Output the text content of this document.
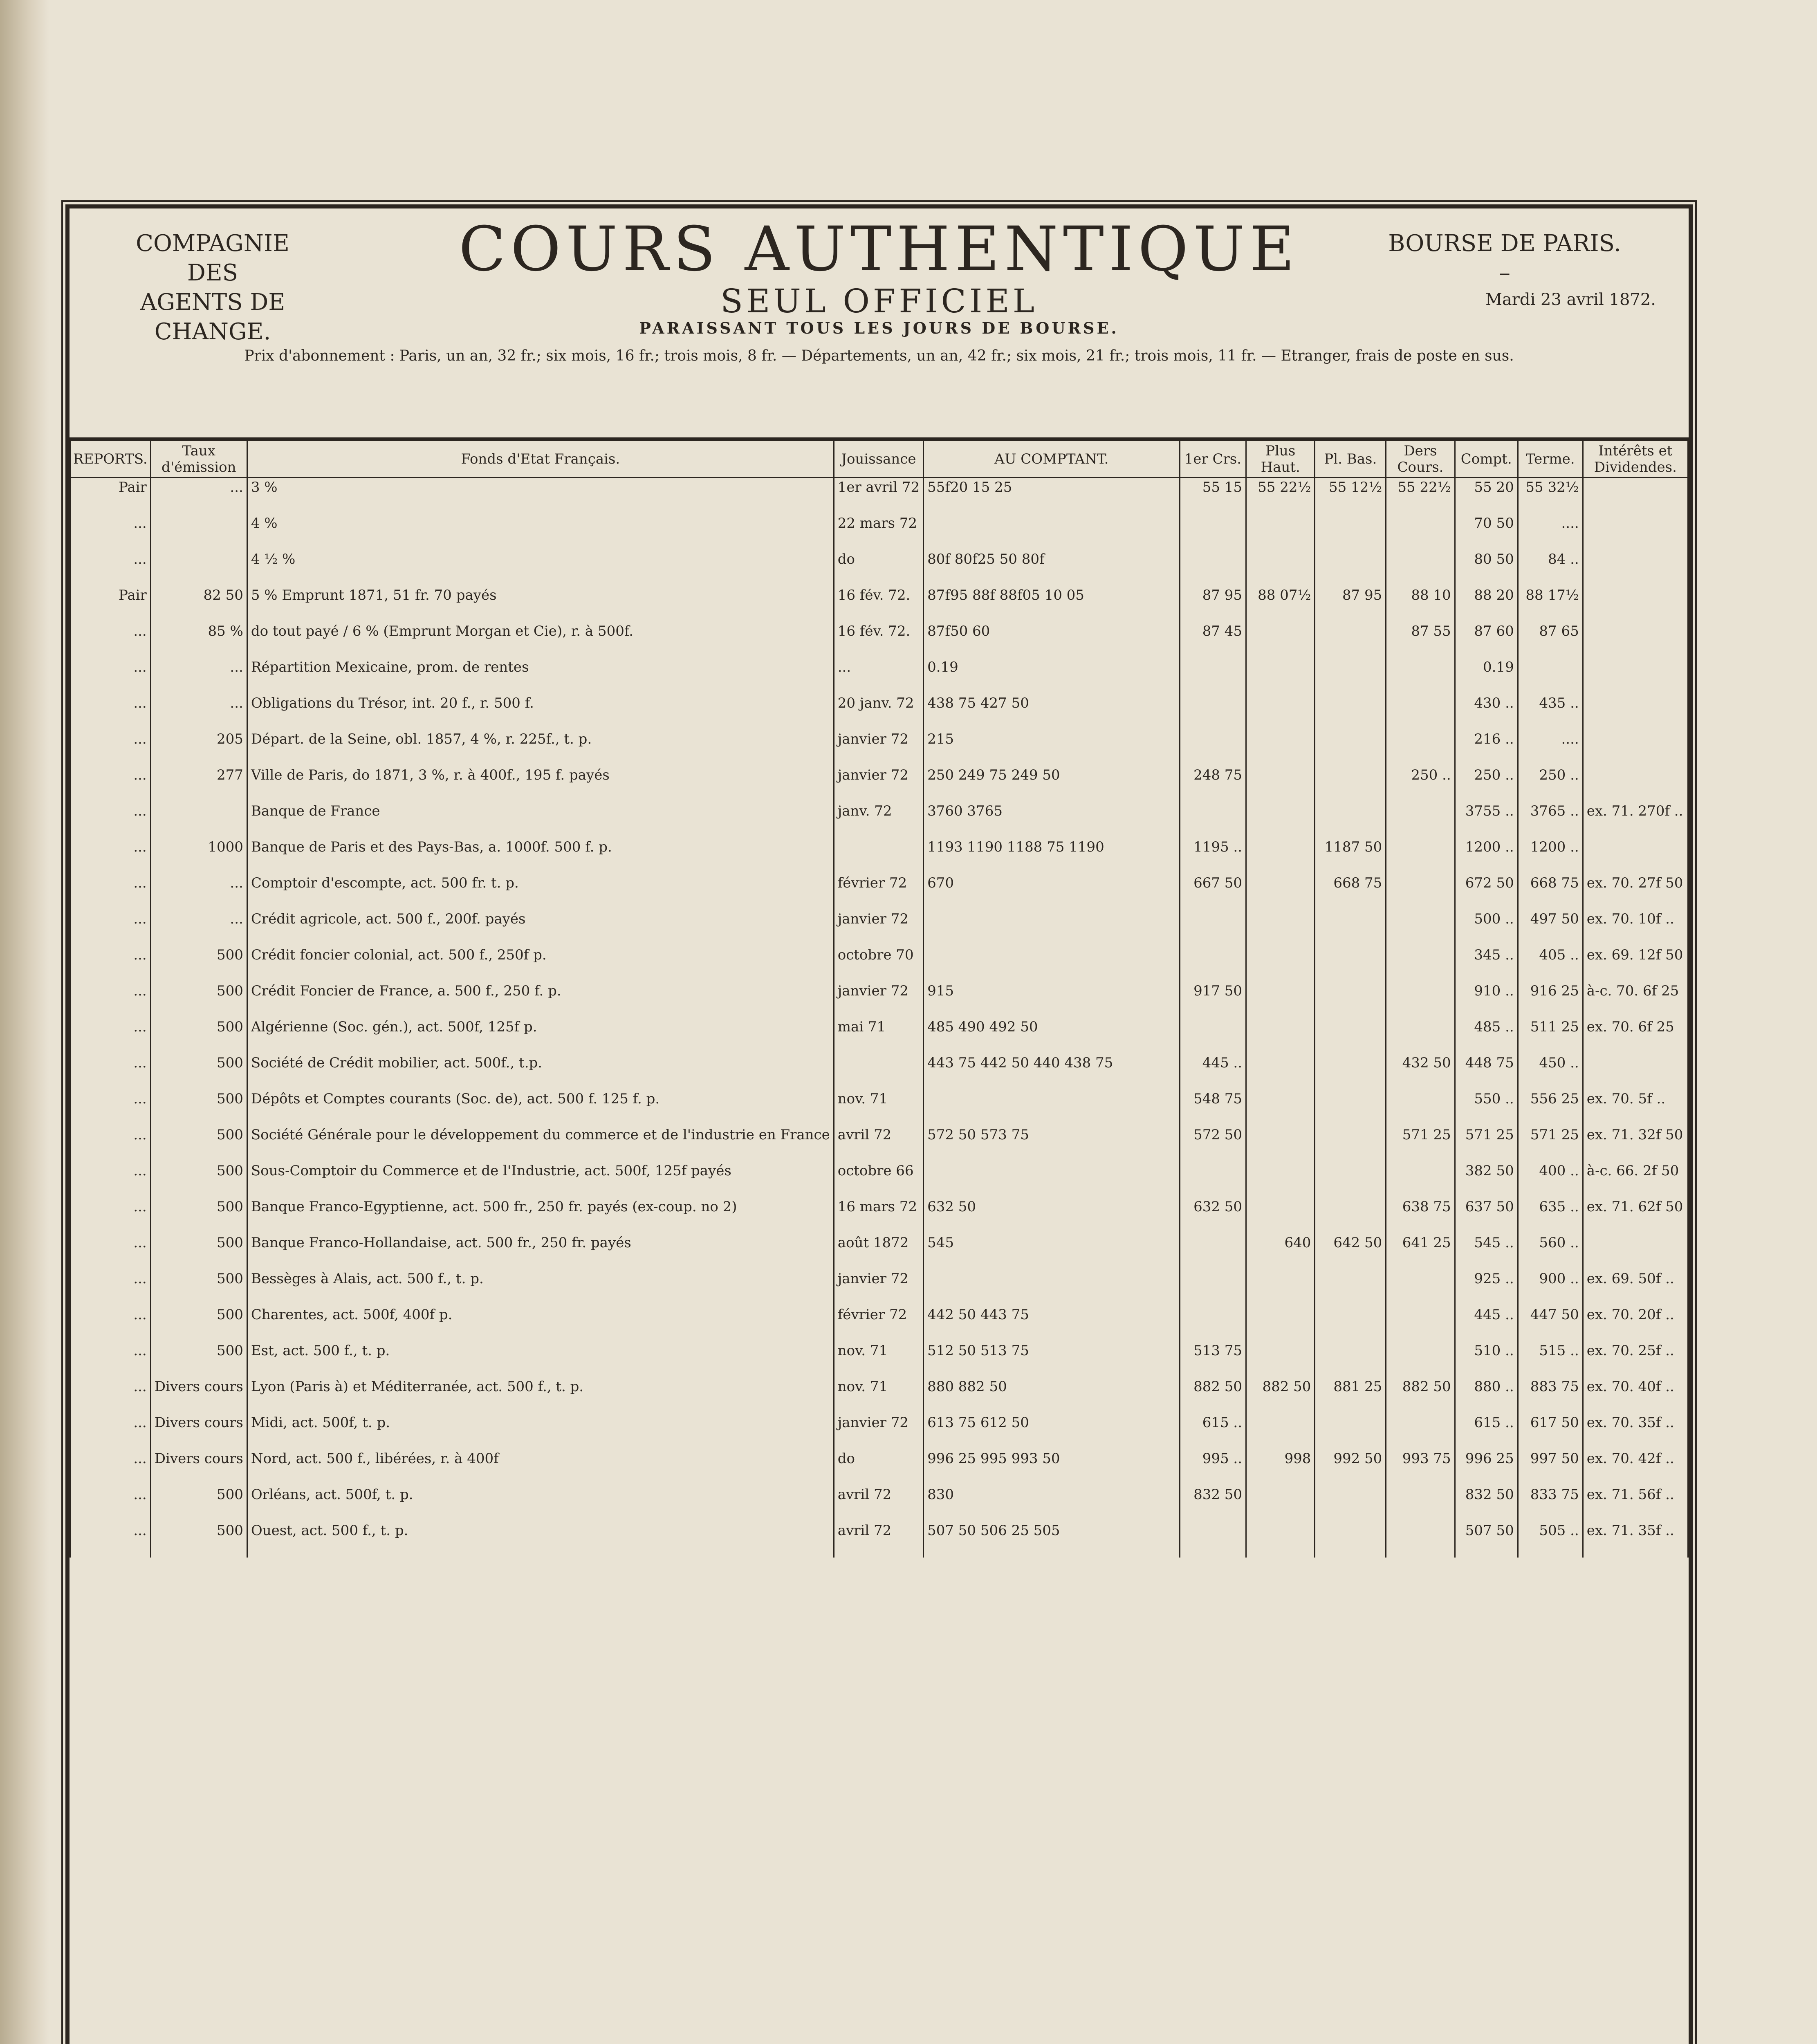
COMPAGNIE
DES
AGENTS DE CHANGE.
COURS AUTHENTIQUE
SEUL OFFICIEL
BOURSE DE PARIS.
–
Mardi 23 avril 1872.
PARAISSANT TOUS LES JOURS DE BOURSE.
Prix d'abonnement : Paris, un an, 32 fr.; six mois, 16 fr.; trois mois, 8 fr. — Départements, un an, 42 fr.; six mois, 21 fr.; trois mois, 11 fr. — Etranger, frais de poste en sus.
REPORTS.	Taux d'émission	Fonds d'Etat Français.	Jouissance	AU COMPTANT.	1er Crs.	Plus Haut.	Pl. Bas.	Ders Cours.	Compt.	Terme.	Intérêts et Dividendes.
Pair	...	3 %	1er avril 72	55f20 15 25	55 15	55 22½	55 12½	55 22½	55 20	55 32½	
...		4 %	22 mars 72						70 50	....	
...		4 ½ %	do	80f 80f25 50 80f					80 50	84 ..	
Pair	82 50	5 % Emprunt 1871, 51 fr. 70 payés	16 fév. 72.	87f95 88f 88f05 10 05	87 95	88 07½	87 95	88 10	88 20	88 17½	
...	85 %	do tout payé / 6 % (Emprunt Morgan et Cie), r. à 500f.	16 fév. 72.	87f50 60	87 45			87 55	87 60	87 65	
...	...	Répartition Mexicaine, prom. de rentes	...	0.19					0.19		
...	...	Obligations du Trésor, int. 20 f., r. 500 f.	20 janv. 72	438 75 427 50					430 ..	435 ..	
...	205	Départ. de la Seine, obl. 1857, 4 %, r. 225f., t. p.	janvier 72	215					216 ..	....	
...	277	Ville de Paris, do 1871, 3 %, r. à 400f., 195 f. payés	janvier 72	250 249 75 249 50	248 75			250 ..	250 ..	250 ..	
...		Banque de France	janv. 72	3760 3765					3755 ..	3765 ..	ex. 71. 270f ..
...	1000	Banque de Paris et des Pays-Bas, a. 1000f. 500 f. p.		1193 1190 1188 75 1190	1195 ..		1187 50		1200 ..	1200 ..	
...	...	Comptoir d'escompte, act. 500 fr. t. p.	février 72	670	667 50		668 75		672 50	668 75	ex. 70. 27f 50
...	...	Crédit agricole, act. 500 f., 200f. payés	janvier 72						500 ..	497 50	ex. 70. 10f ..
...	500	Crédit foncier colonial, act. 500 f., 250f p.	octobre 70						345 ..	405 ..	ex. 69. 12f 50
...	500	Crédit Foncier de France, a. 500 f., 250 f. p.	janvier 72	915	917 50				910 ..	916 25	à-c. 70. 6f 25
...	500	Algérienne (Soc. gén.), act. 500f, 125f p.	mai 71	485 490 492 50					485 ..	511 25	ex. 70. 6f 25
...	500	Société de Crédit mobilier, act. 500f., t.p.		443 75 442 50 440 438 75	445 ..			432 50	448 75	450 ..	
...	500	Dépôts et Comptes courants (Soc. de), act. 500 f. 125 f. p.	nov. 71		548 75				550 ..	556 25	ex. 70. 5f ..
...	500	Société Générale pour le développement du commerce et de l'industrie en France	avril 72	572 50 573 75	572 50			571 25	571 25	571 25	ex. 71. 32f 50
...	500	Sous-Comptoir du Commerce et de l'Industrie, act. 500f, 125f payés	octobre 66						382 50	400 ..	à-c. 66. 2f 50
...	500	Banque Franco-Egyptienne, act. 500 fr., 250 fr. payés (ex-coup. no 2)	16 mars 72	632 50	632 50			638 75	637 50	635 ..	ex. 71. 62f 50
...	500	Banque Franco-Hollandaise, act. 500 fr., 250 fr. payés	août 1872	545		640	642 50	641 25	545 ..	560 ..	
...	500	Bessèges à Alais, act. 500 f., t. p.	janvier 72						925 ..	900 ..	ex. 69. 50f ..
...	500	Charentes, act. 500f, 400f p.	février 72	442 50 443 75					445 ..	447 50	ex. 70. 20f ..
...	500	Est, act. 500 f., t. p.	nov. 71	512 50 513 75	513 75				510 ..	515 ..	ex. 70. 25f ..
...	Divers cours	Lyon (Paris à) et Méditerranée, act. 500 f., t. p.	nov. 71	880 882 50	882 50	882 50	881 25	882 50	880 ..	883 75	ex. 70. 40f ..
...	Divers cours	Midi, act. 500f, t. p.	janvier 72	613 75 612 50	615 ..				615 ..	617 50	ex. 70. 35f ..
...	Divers cours	Nord, act. 500 f., libérées, r. à 400f	do	996 25 995 993 50	995 ..	998	992 50	993 75	996 25	997 50	ex. 70. 42f ..
...	500	Orléans, act. 500f, t. p.	avril 72	830	832 50				832 50	833 75	ex. 71. 56f ..
...	500	Ouest, act. 500 f., t. p.	avril 72	507 50 506 25 505					507 50	505 ..	ex. 71. 35f ..
